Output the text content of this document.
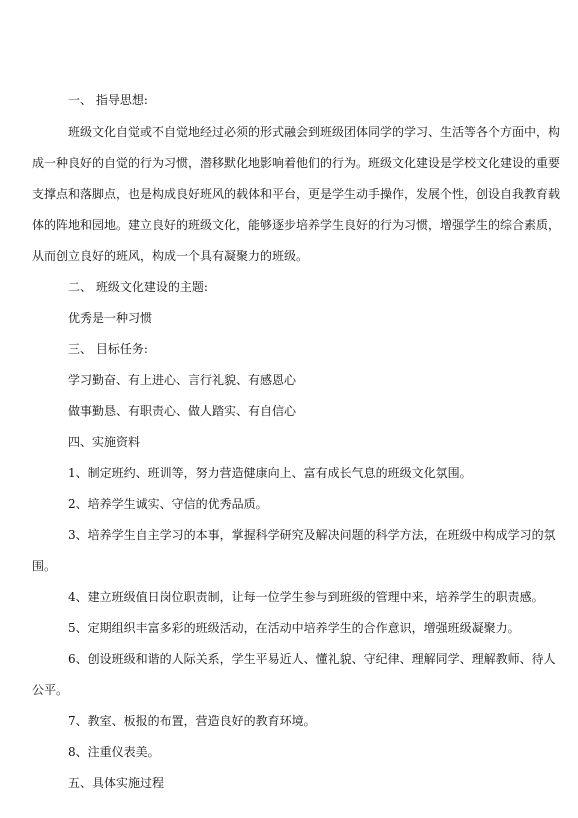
一、 指导思想:
班级文化自觉或不自觉地经过必须的形式融会到班级团体同学的学习、生活等各个方面中，构
成一种良好的自觉的行为习惯，潜移默化地影响着他们的行为。班级文化建设是学校文化建设的重要
支撑点和落脚点，也是构成良好班风的载体和平台，更是学生动手操作，发展个性，创设自我教育载
体的阵地和园地。建立良好的班级文化，能够逐步培养学生良好的行为习惯，增强学生的综合素质，
从而创立良好的班风，构成一个具有凝聚力的班级。
二、 班级文化建设的主题:
优秀是一种习惯
三、 目标任务:
学习勤奋、有上进心、言行礼貌、有感恩心
做事勤恳、有职责心、做人踏实、有自信心
四、实施资料
1、制定班约、班训等，努力营造健康向上、富有成长气息的班级文化氛围。
2、培养学生诚实、守信的优秀品质。
3、培养学生自主学习的本事，掌握科学研究及解决问题的科学方法，在班级中构成学习的氛
围。
4、建立班级值日岗位职责制，让每一位学生参与到班级的管理中来，培养学生的职责感。
5、定期组织丰富多彩的班级活动，在活动中培养学生的合作意识，增强班级凝聚力。
6、创设班级和谐的人际关系，学生平易近人、懂礼貌、守纪律、理解同学、理解教师、待人
公平。
7、教室、板报的布置，营造良好的教育环境。
8、注重仪表美。
五、具体实施过程
